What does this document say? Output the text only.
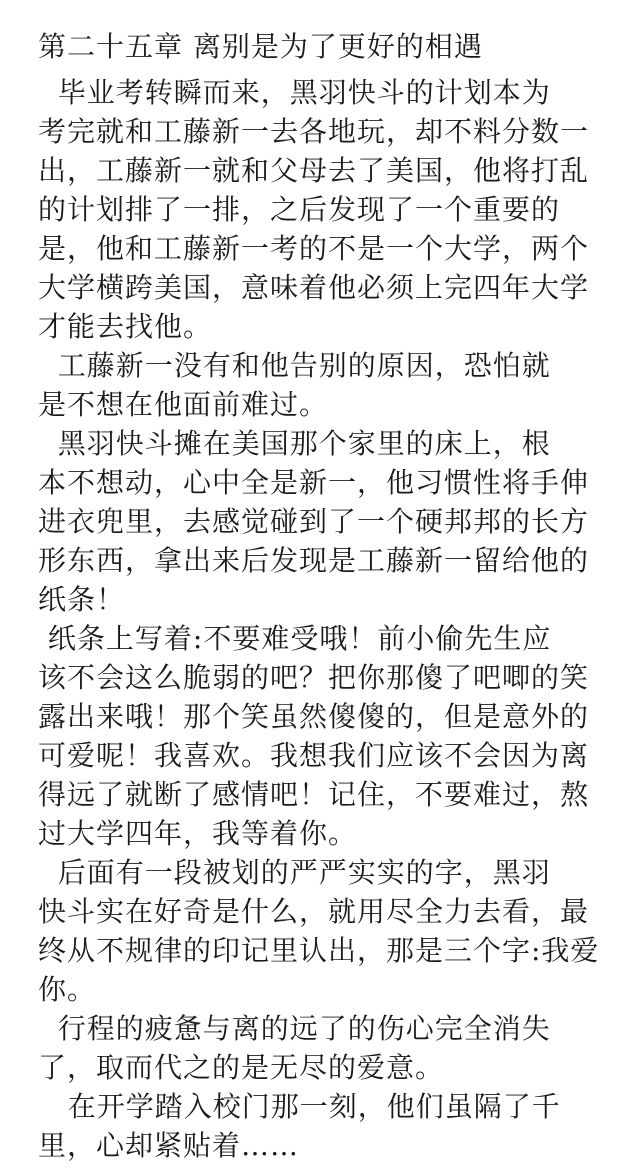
第二十五章 离别是为了更好的相遇
毕业考转瞬而来，黑羽快斗的计划本为
考完就和工藤新一去各地玩，却不料分数一
出，工藤新一就和父母去了美国，他将打乱
的计划排了一排，之后发现了一个重要的
是，他和工藤新一考的不是一个大学，两个
大学横跨美国，意味着他必须上完四年大学
才能去找他。
工藤新一没有和他告别的原因，恐怕就
是不想在他面前难过。
黑羽快斗摊在美国那个家里的床上，根
本不想动，心中全是新一，他习惯性将手伸
进衣兜里，去感觉碰到了一个硬邦邦的长方
形东西，拿出来后发现是工藤新一留给他的
纸条！
纸条上写着:不要难受哦！前小偷先生应
该不会这么脆弱的吧？把你那傻了吧唧的笑
露出来哦！那个笑虽然傻傻的，但是意外的
可爱呢！我喜欢。我想我们应该不会因为离
得远了就断了感情吧！记住，不要难过，熬
过大学四年，我等着你。
后面有一段被划的严严实实的字，黑羽
快斗实在好奇是什么，就用尽全力去看，最
终从不规律的印记里认出，那是三个字:我爱
你。
行程的疲惫与离的远了的伤心完全消失
了，取而代之的是无尽的爱意。
在开学踏入校门那一刻，他们虽隔了千
里，心却紧贴着……
